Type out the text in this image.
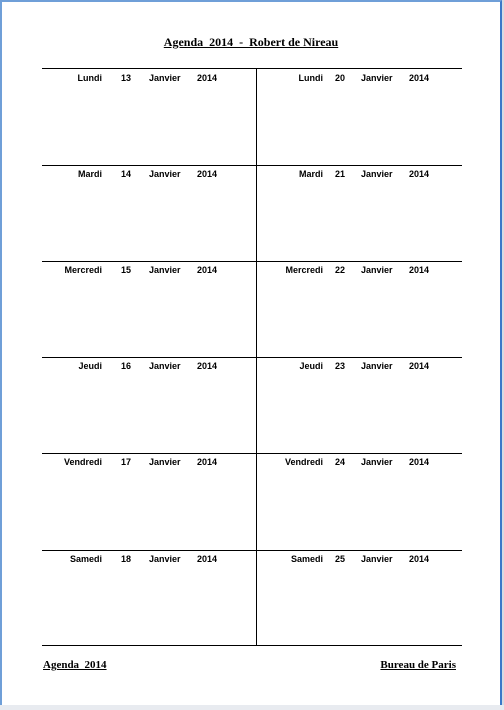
Agenda  2014  -  Robert de Nireau
Lundi 13 Janvier 2014	Lundi 20 Janvier 2014
Mardi 14 Janvier 2014	Mardi 21 Janvier 2014
Mercredi 15 Janvier 2014	Mercredi 22 Janvier 2014
Jeudi 16 Janvier 2014	Jeudi 23 Janvier 2014
Vendredi 17 Janvier 2014	Vendredi 24 Janvier 2014
Samedi 18 Janvier 2014	Samedi 25 Janvier 2014
Agenda  2014	Bureau de Paris
